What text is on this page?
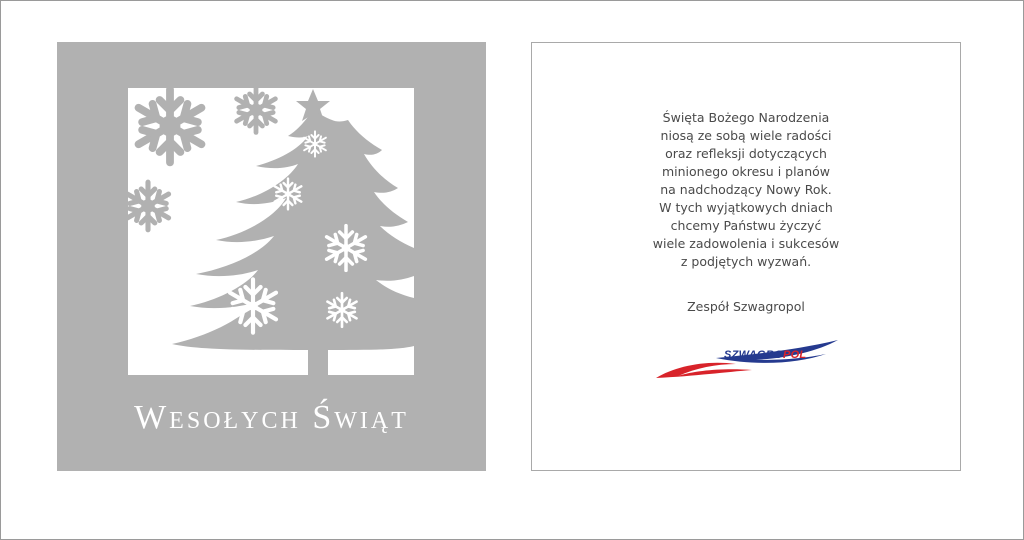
Wesołych Świąt
Święta Bożego Narodzenia
niosą ze sobą wiele radości
oraz refleksji dotyczących
minionego okresu i planów
na nadchodzący Nowy Rok.
W tych wyjątkowych dniach
chcemy Państwu życzyć
wiele zadowolenia i sukcesów
z podjętych wyzwań.
Zespół Szwagropol
SZWAGROPOL
